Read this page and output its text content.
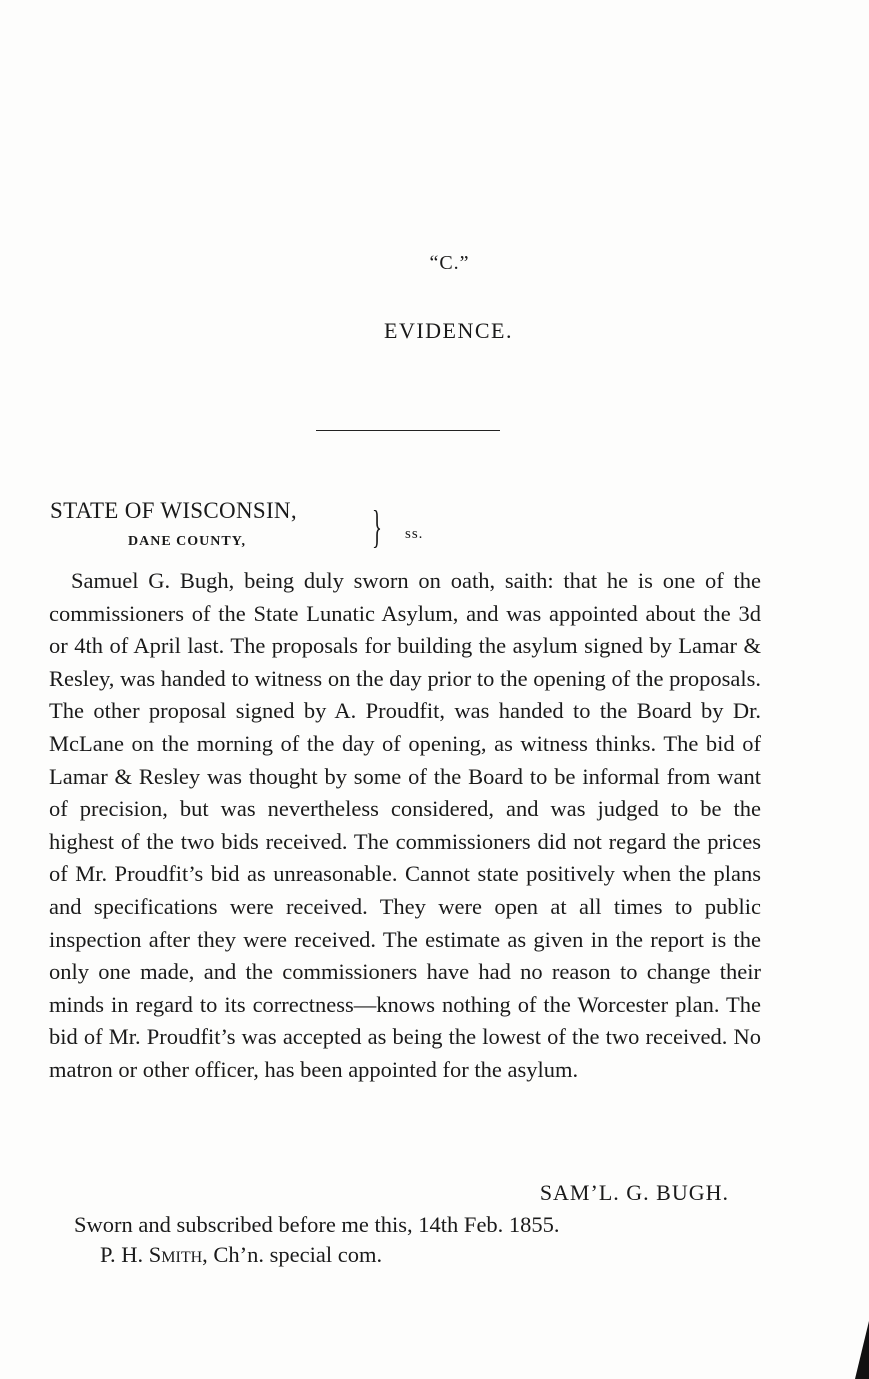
“C.”
EVIDENCE.
STATE OF WISCONSIN,
DANE COUNTY,	} ss.

Samuel G. Bugh, being duly sworn on oath, saith: that he is one of the commissioners of the State Lunatic Asylum, and was appointed about the 3d or 4th of April last. The proposals for building the asylum signed by Lamar & Resley, was handed to witness on the day prior to the opening of the proposals. The other proposal signed by A. Proudfit, was handed to the Board by Dr. McLane on the morning of the day of opening, as witness thinks. The bid of Lamar & Resley was thought by some of the Board to be informal from want of precision, but was nevertheless considered, and was judged to be the highest of the two bids received. The commissioners did not regard the prices of Mr. Proudfit’s bid as unreasonable. Cannot state positively when the plans and specifications were received. They were open at all times to public inspection after they were received. The estimate as given in the report is the only one made, and the commissioners have had no reason to change their minds in regard to its correctness—knows nothing of the Worcester plan. The bid of Mr. Proudfit’s was accepted as being the lowest of the two received. No matron or other officer, has been appointed for the asylum.

SAM’L. G. BUGH.
Sworn and subscribed before me this, 14th Feb. 1855.
P. H. Smith, Ch’n. special com.
